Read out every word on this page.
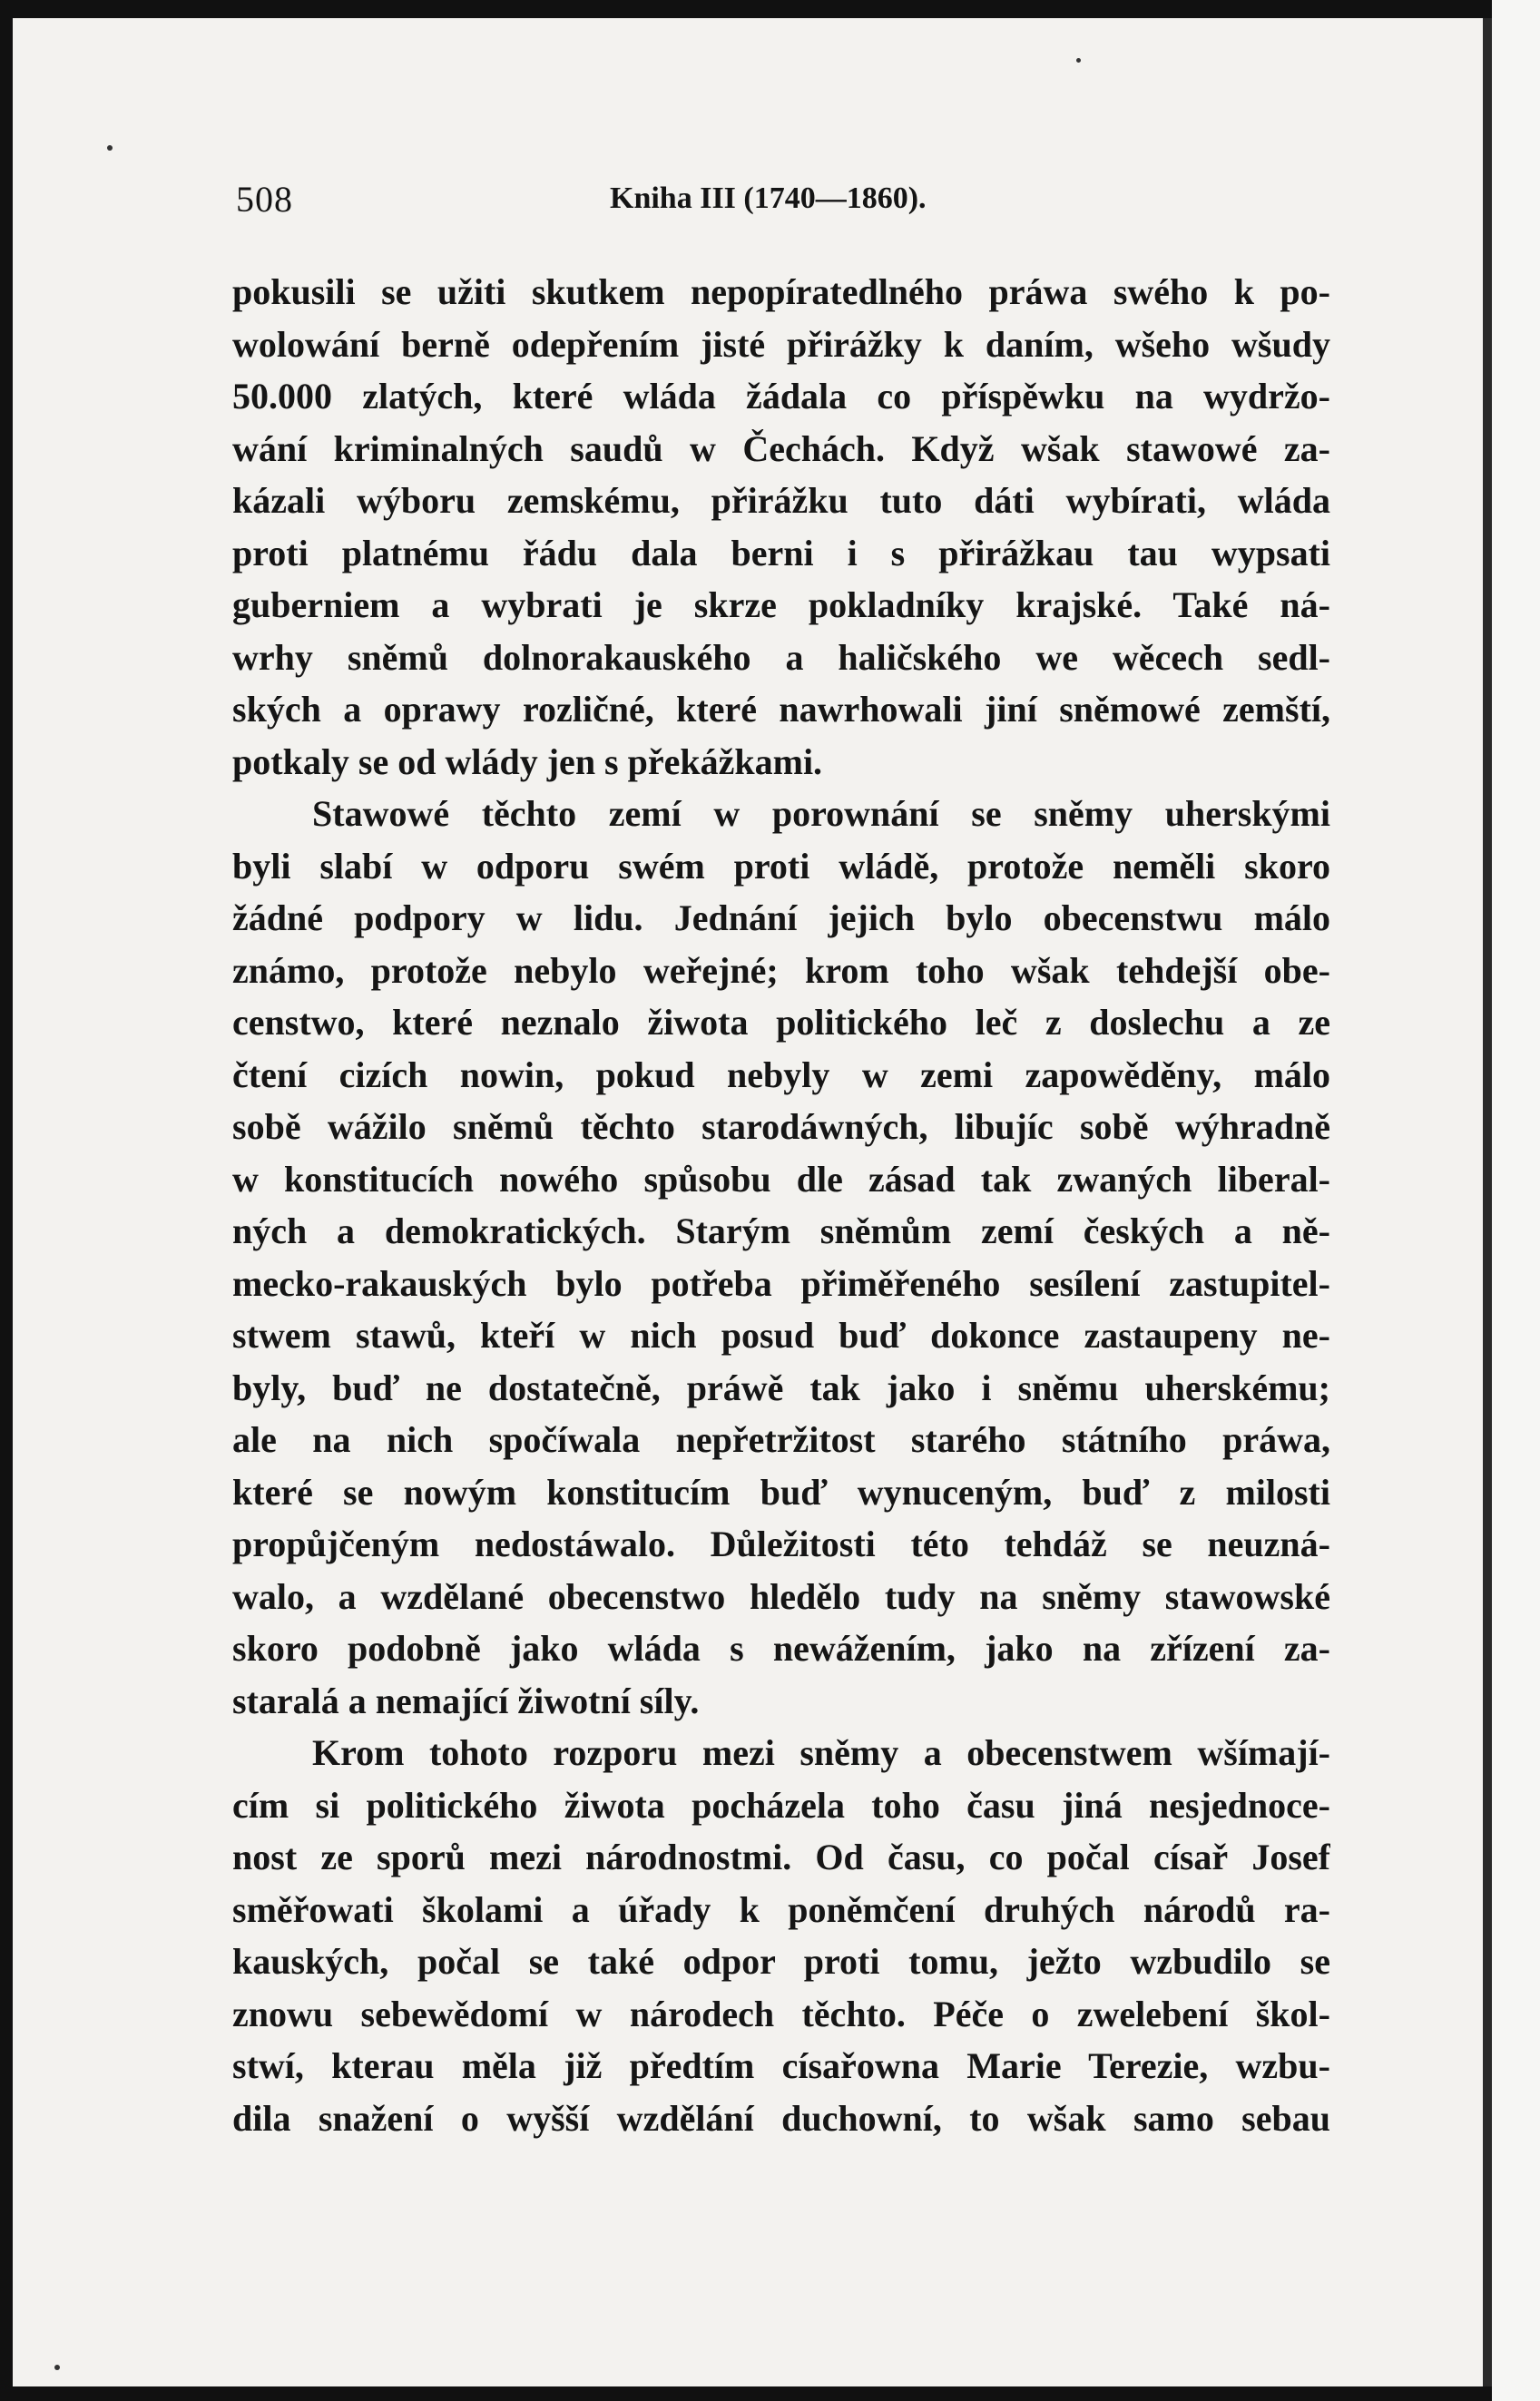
508	Kniha III (1740—1860).
pokusili se užiti skutkem nepopíratedlného práwa swého k po-
wolowání berně odepřením jisté přirážky k daním, wšeho wšudy
50.000 zlatých, které wláda žádala co příspěwku na wydržo-
wání kriminalných saudů w Čechách. Když wšak stawowé za-
kázali wýboru zemskému, přirážku tuto dáti wybírati, wláda
proti platnému řádu dala berni i s přirážkau tau wypsati
guberniem a wybrati je skrze pokladníky krajské. Také ná-
wrhy sněmů dolnorakauského a haličského we wěcech sedl-
ských a oprawy rozličné, které nawrhowali jiní sněmowé zemští,
potkaly se od wlády jen s překážkami.
Stawowé těchto zemí w porownání se sněmy uherskými
byli slabí w odporu swém proti wládě, protože neměli skoro
žádné podpory w lidu. Jednání jejich bylo obecenstwu málo
známo, protože nebylo weřejné; krom toho wšak tehdejší obe-
censtwo, které neznalo žiwota politického leč z doslechu a ze
čtení cizích nowin, pokud nebyly w zemi zapowěděny, málo
sobě wážilo sněmů těchto starodáwných, libujíc sobě wýhradně
w konstitucích nowého spůsobu dle zásad tak zwaných liberal-
ných a demokratických. Starým sněmům zemí českých a ně-
mecko-rakauských bylo potřeba přiměřeného sesílení zastupitel-
stwem stawů, kteří w nich posud buď dokonce zastaupeny ne-
byly, buď ne dostatečně, práwě tak jako i sněmu uherskému;
ale na nich spočíwala nepřetržitost starého státního práwa,
které se nowým konstitucím buď wynuceným, buď z milosti
propůjčeným nedostáwalo. Důležitosti této tehdáž se neuzná-
walo, a wzdělané obecenstwo hledělo tudy na sněmy stawowské
skoro podobně jako wláda s newážením, jako na zřízení za-
staralá a nemající žiwotní síly.
Krom tohoto rozporu mezi sněmy a obecenstwem wšímají-
cím si politického žiwota pocházela toho času jiná nesjednoce-
nost ze sporů mezi národnostmi. Od času, co počal císař Josef
směřowati školami a úřady k poněmčení druhých národů ra-
kauských, počal se také odpor proti tomu, ježto wzbudilo se
znowu sebewědomí w národech těchto. Péče o zwelebení škol-
stwí, kterau měla již předtím císařowna Marie Terezie, wzbu-
dila snažení o wyšší wzdělání duchowní, to wšak samo sebau
